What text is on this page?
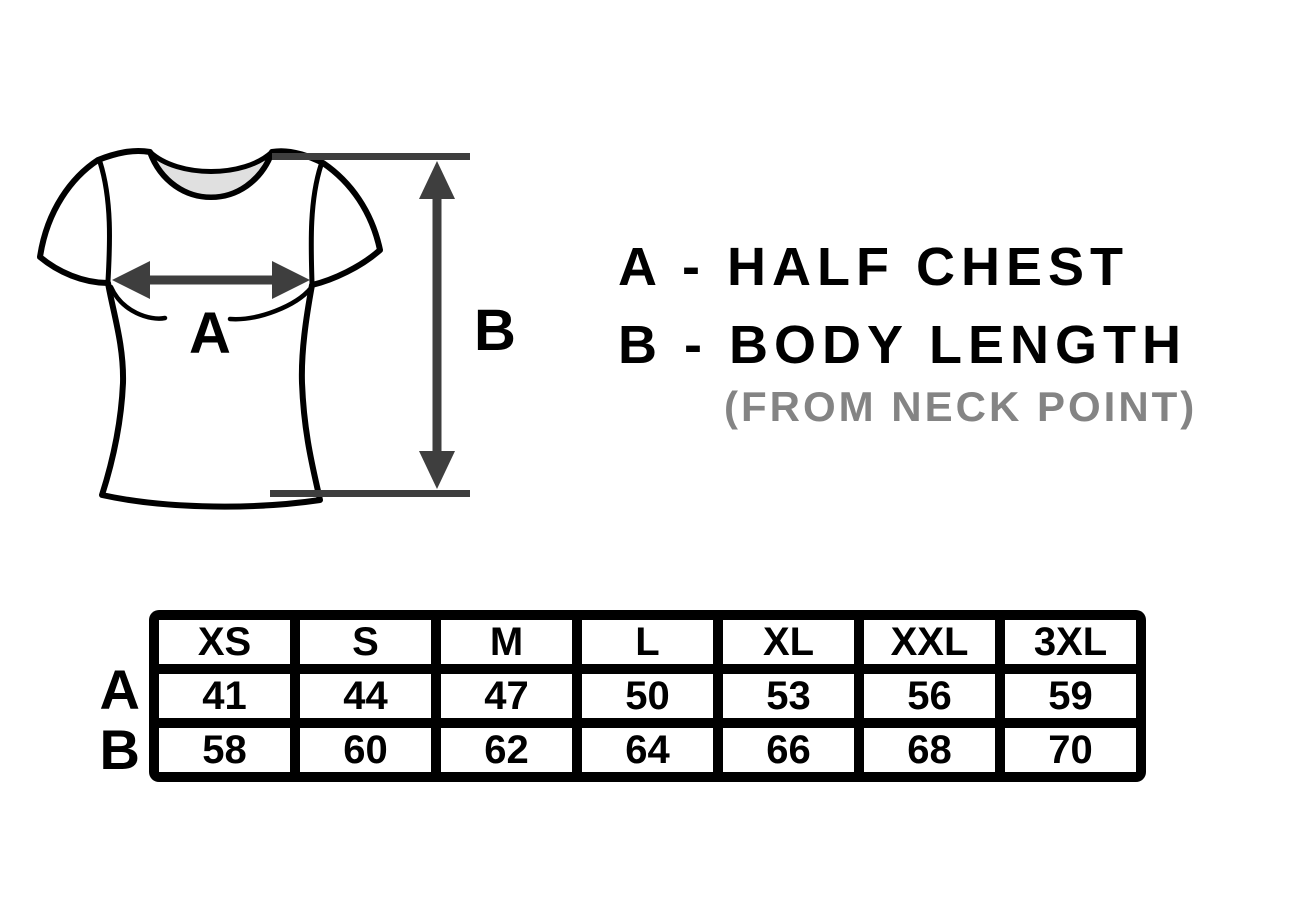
A	B
A - HALF CHEST
B - BODY LENGTH
(FROM NECK POINT)
A
B
XS	S	M	L	XL	XXL	3XL
41	44	47	50	53	56	59
58	60	62	64	66	68	70
